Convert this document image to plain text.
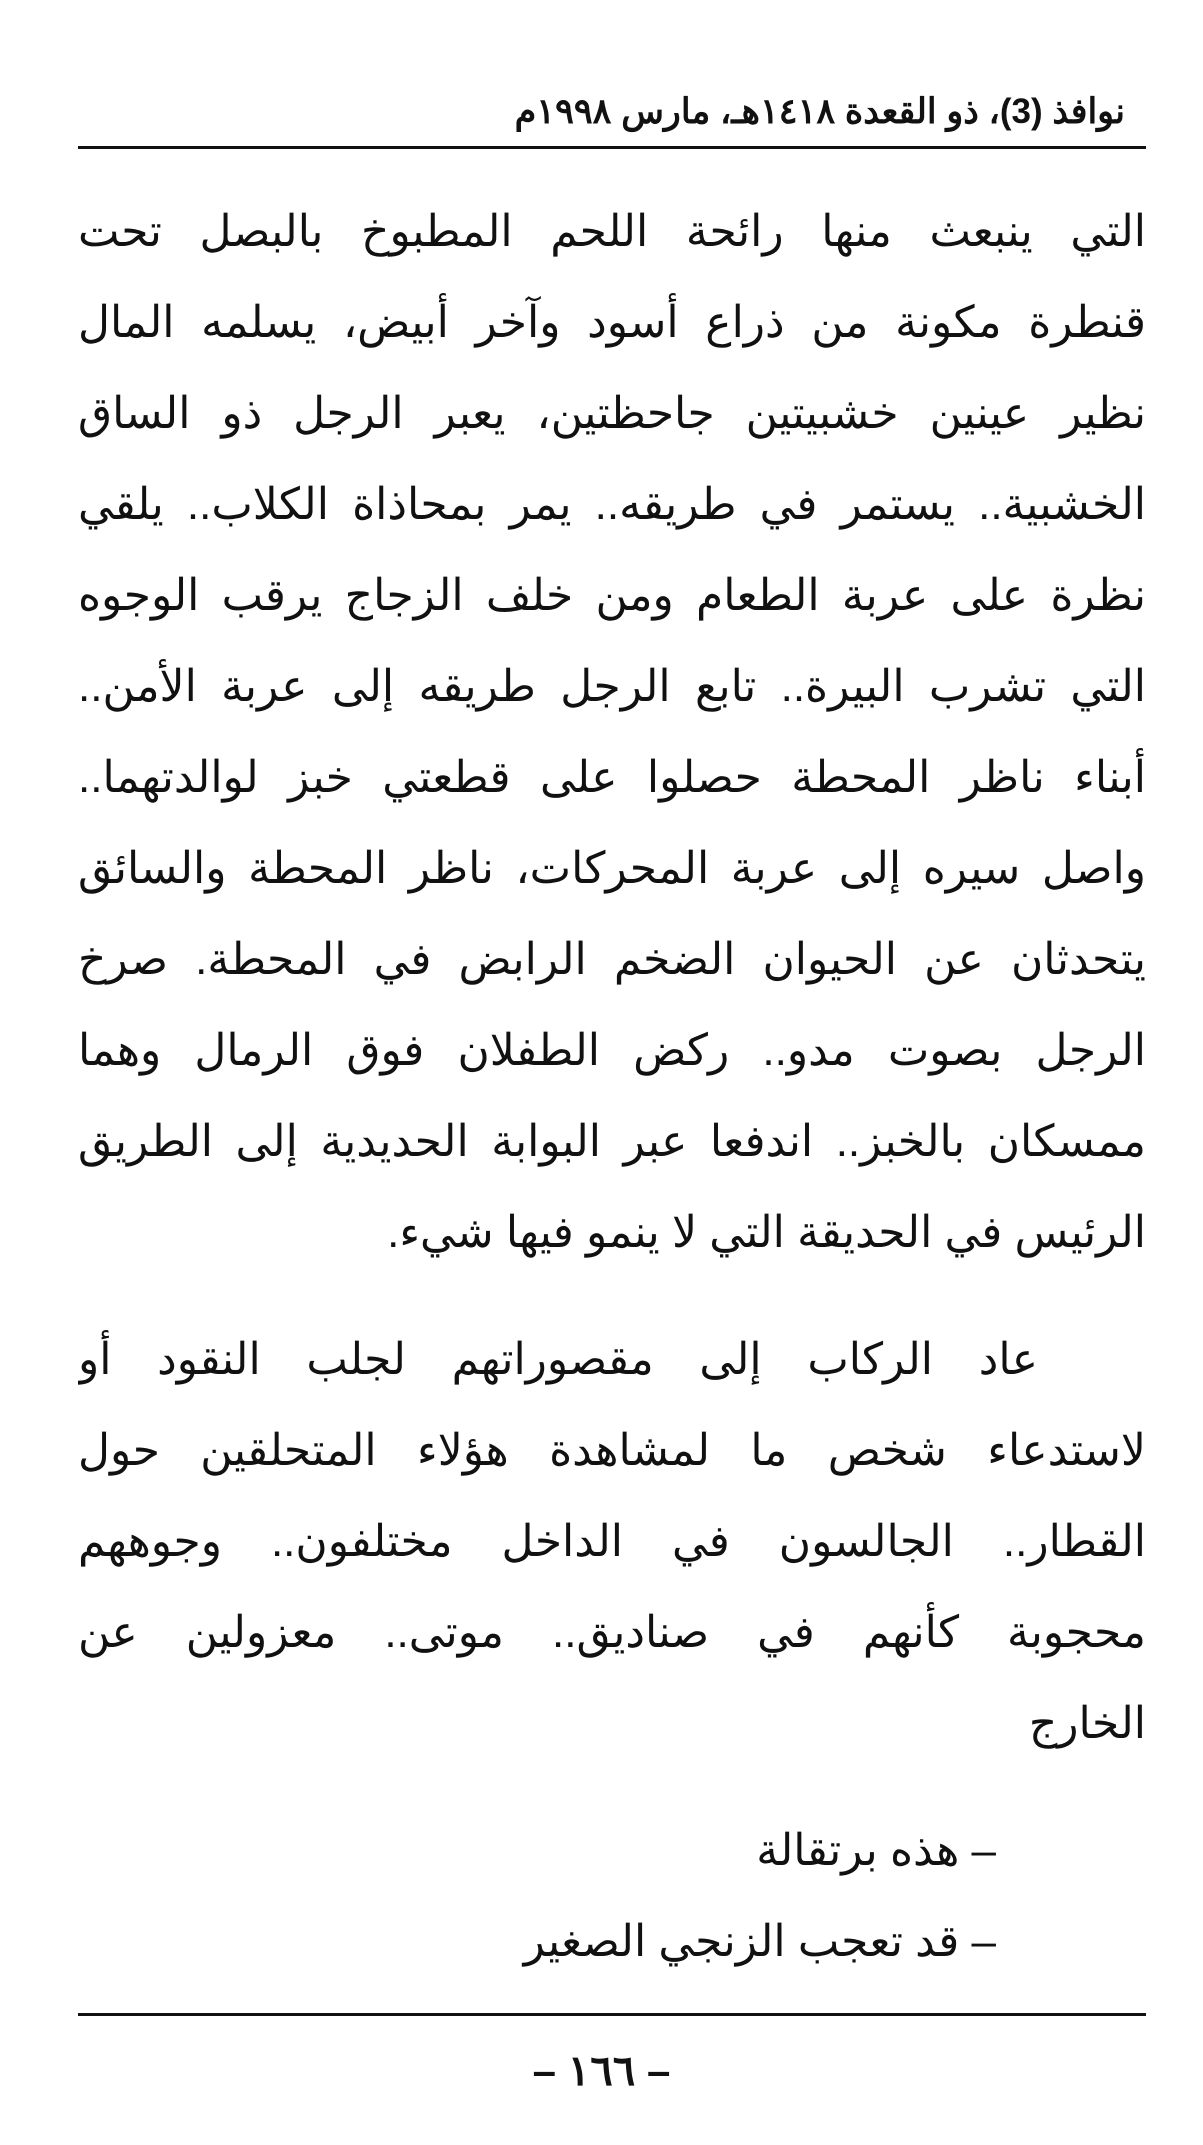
نوافذ (3)، ذو القعدة ١٤١٨هـ، مارس ١٩٩٨م
التي ينبعث منها رائحة اللحم المطبوخ بالبصل تحت
قنطرة مكونة من ذراع أسود وآخر أبيض، يسلمه المال
نظير عينين خشبيتين جاحظتين، يعبر الرجل ذو الساق
الخشبية.. يستمر في طريقه.. يمر بمحاذاة الكلاب.. يلقي
نظرة على عربة الطعام ومن خلف الزجاج يرقب الوجوه
التي تشرب البيرة.. تابع الرجل طريقه إلى عربة الأمن..
أبناء ناظر المحطة حصلوا على قطعتي خبز لوالدتهما..
واصل سيره إلى عربة المحركات، ناظر المحطة والسائق
يتحدثان عن الحيوان الضخم الرابض في المحطة. صرخ
الرجل بصوت مدو.. ركض الطفلان فوق الرمال وهما
ممسكان بالخبز.. اندفعا عبر البوابة الحديدية إلى الطريق
الرئيس في الحديقة التي لا ينمو فيها شيء.
عاد الركاب إلى مقصوراتهم لجلب النقود أو
لاستدعاء شخص ما لمشاهدة هؤلاء المتحلقين حول
القطار.. الجالسون في الداخل مختلفون.. وجوههم
محجوبة كأنهم في صناديق.. موتى.. معزولين عن
الخارج
– هذه برتقالة
– قد تعجب الزنجي الصغير
– ١٦٦ –
